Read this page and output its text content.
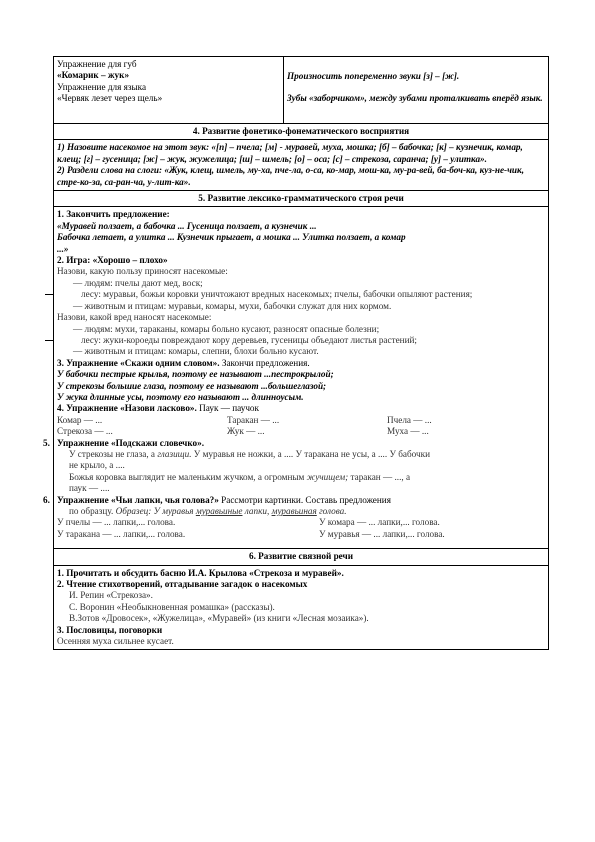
Упражнение для губ
«Комарик – жук»
Упражнение для языка
«Червяк лезет через щель»

Произносить попеременно звуки [з] – [ж].
Зубы «заборчиком», между зубами проталкивать вперёд язык.

4. Развитие фонетико-фонематического восприятия

1) Назовите насекомое на этот звук: «[п] – пчела; [м] - муравей, муха, мошка; [б] – бабочка; [к] – кузнечик, комар, клещ; [г] – гусеница; [ж] – жук, жужелица; [ш] – шмель; [о] – оса; [с] – стрекоза, саранча; [у] – улитка».
2) Раздели слова на слоги: «Жук, клещ, шмель, му-ха, пче-ла, о-са, ко-мар, мош-ка, му-ра-вей, ба-боч-ка, куз-не-чик, стре-ко-за, са-ран-ча, у-лит-ка».

5. Развитие лексико-грамматического строя речи

1. Закончить предложение:
«Муравей ползает, а бабочка ... Гусеница ползает, а кузнечик ...
Бабочка летает, а улитка ... Кузнечик прыгает, а мошка ... Улитка ползает, а комар
...»
2. Игра: «Хорошо – плохо»
Назови, какую пользу приносят насекомые:
— людям: пчелы дают мед, воск;
лесу: муравьи, божьи коровки уничтожают вредных насекомых; пчелы, бабочки опыляют растения;
— животным и птицам: муравьи, комары, мухи, бабочки служат для них кормом.
Назови, какой вред наносят насекомые:
— людям: мухи, тараканы, комары больно кусают, разносят опасные болезни;
лесу: жуки-короеды повреждают кору деревьев, гусеницы объедают листья растений;
— животным и птицам: комары, слепни, блохи больно кусают.
3. Упражнение «Скажи одним словом». Закончи предложения.
У бабочки пестрые крылья, поэтому ее называют ...пестрокрылой;
У стрекозы большие глаза, поэтому ее называют ...большеглазой;
У жука длинные усы, поэтому его называют ... длинноусым.
4. Упражнение «Назови ласково». Паук — паучок
Комар — ...	Таракан — ...	Пчела — ...
Стрекоза — ...	Жук — ...	Муха — ...
5. Упражнение «Подскажи словечко».
У стрекозы не глаза, а глазищи. У муравья не ножки, а .... У таракана не усы, а .... У бабочки
не крыло, а ....
Божья коровка выглядит не маленьким жучком, а огромным жучищем; таракан — ..., а
паук — ....
6. Упражнение «Чьи лапки, чья голова?» Рассмотри картинки. Составь предложения
по образцу. Образец: У муравья муравьиные лапки, муравьиная голова.
У пчелы — ... лапки,... голова.	У комара — ... лапки,... голова.
У таракана — ... лапки,... голова.	У муравья — ... лапки,... голова.

6. Развитие связной речи

1. Прочитать и обсудить басню И.А. Крылова «Стрекоза и муравей».
2. Чтение стихотворений, отгадывание загадок о насекомых
И. Репин «Стрекоза».
С. Воронин «Необыкновенная ромашка» (рассказы).
В.Зотов «Дровосек», «Жужелица», «Муравей» (из книги «Лесная мозаика»).
3. Пословицы, поговорки
Осенняя муха сильнее кусает.
